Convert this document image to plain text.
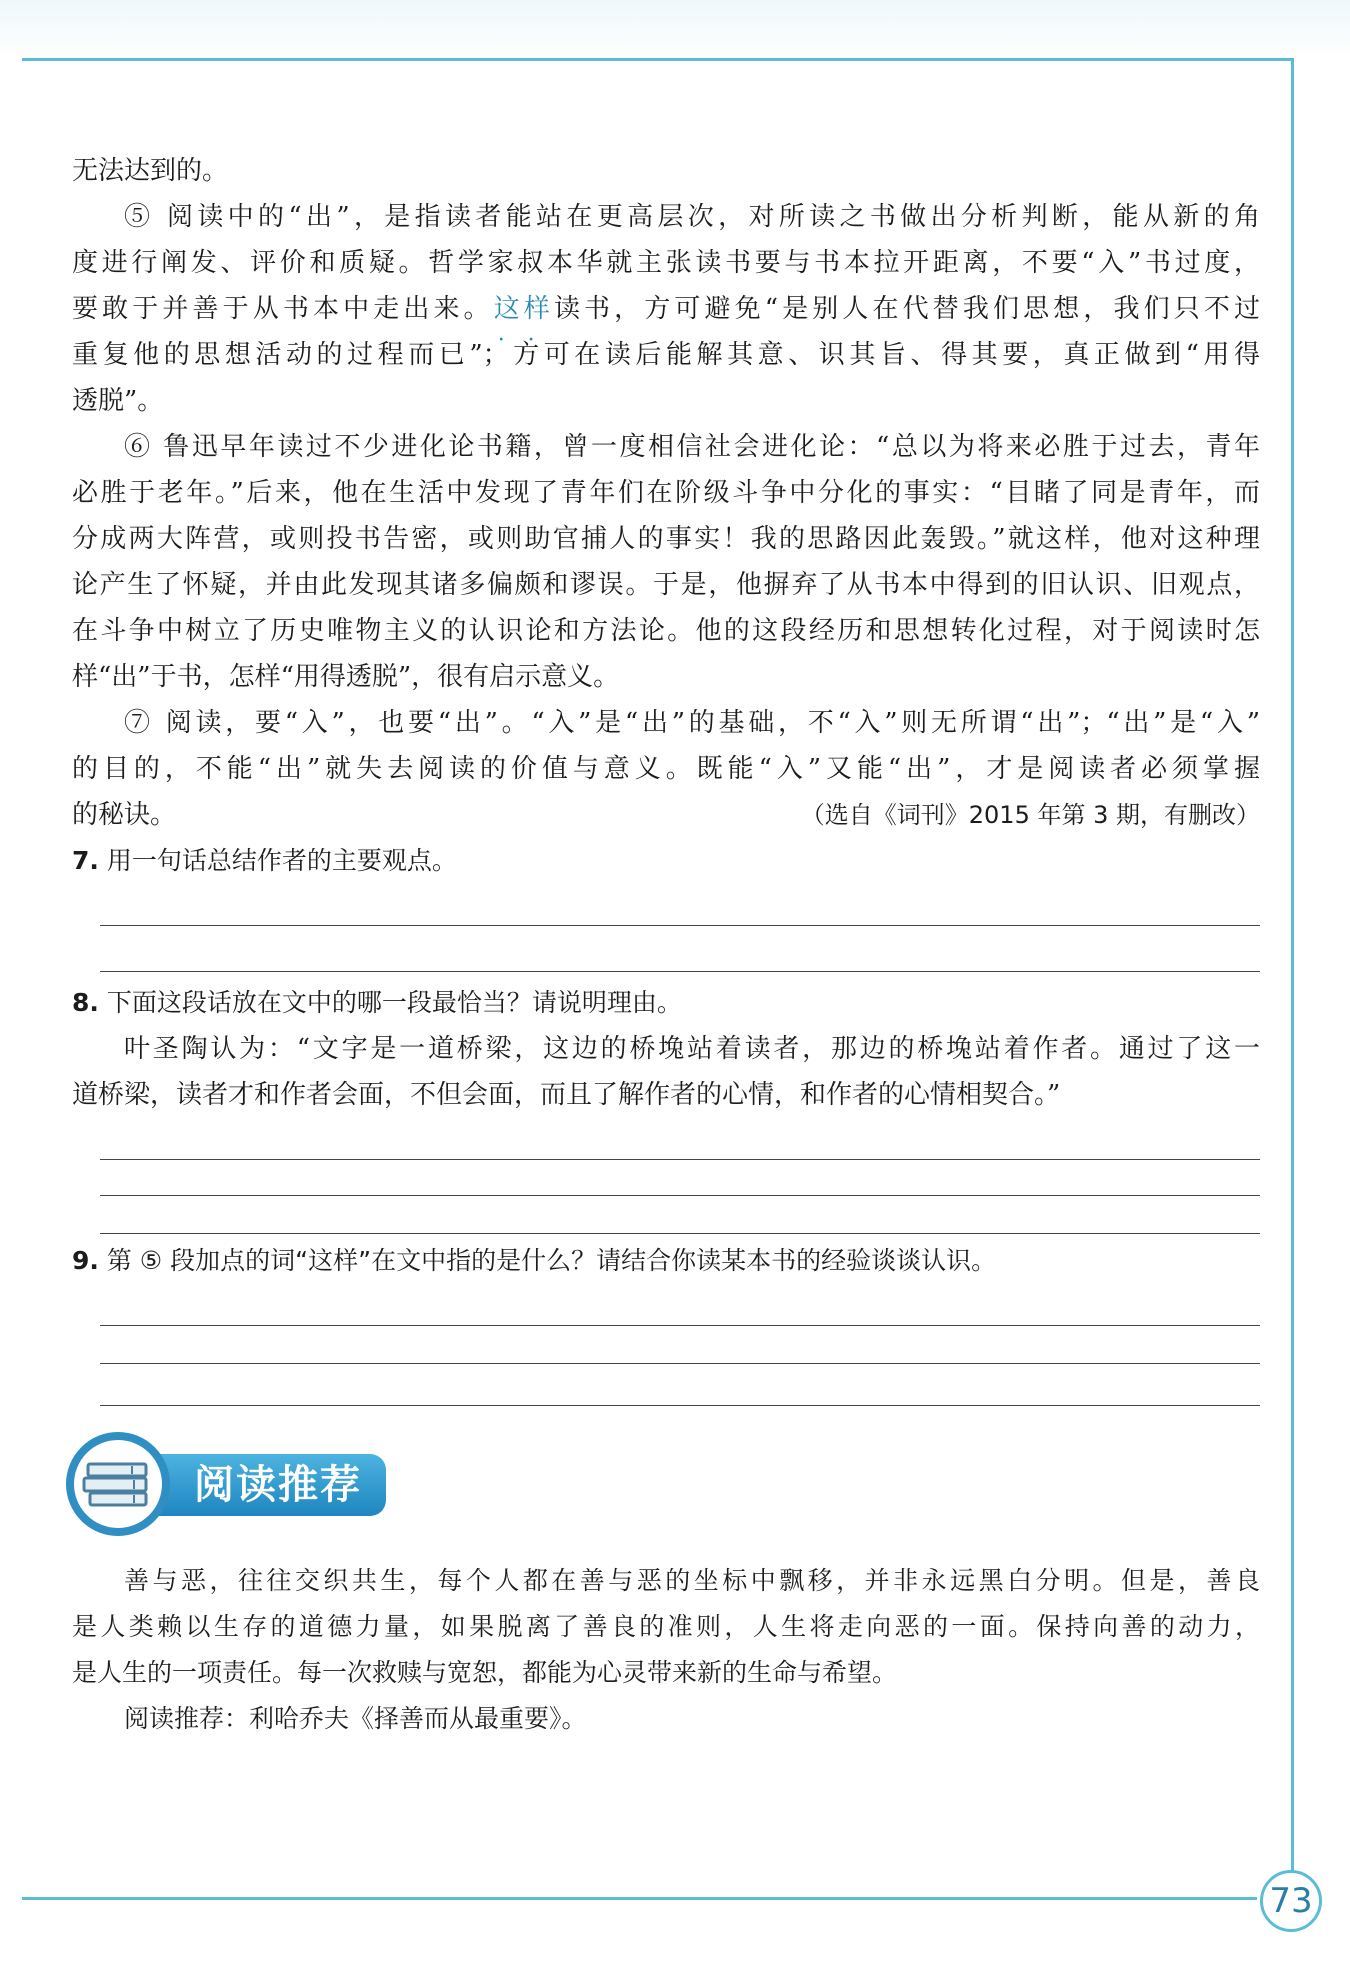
73
无法达到的。
⑤ 阅读中的“出”，是指读者能站在更高层次，对所读之书做出分析判断，能从新的角
度进行阐发、评价和质疑。哲学家叔本华就主张读书要与书本拉开距离，不要“入”书过度，
要敢于并善于从书本中走出来。这样 · ·读书，方可避免“是别人在代替我们思想，我们只不过
重复他的思想活动的过程而已”；方可在读后能解其意、识其旨、得其要，真正做到“用得
透脱”。
⑥ 鲁迅早年读过不少进化论书籍，曾一度相信社会进化论：“总以为将来必胜于过去，青年
必胜于老年。”后来，他在生活中发现了青年们在阶级斗争中分化的事实：“目睹了同是青年，而
分成两大阵营，或则投书告密，或则助官捕人的事实！我的思路因此轰毁。”就这样，他对这种理
论产生了怀疑，并由此发现其诸多偏颇和谬误。于是，他摒弃了从书本中得到的旧认识、旧观点，
在斗争中树立了历史唯物主义的认识论和方法论。他的这段经历和思想转化过程，对于阅读时怎
样“出”于书，怎样“用得透脱”，很有启示意义。
⑦ 阅读，要“入”，也要“出”。“入”是“出”的基础，不“入”则无所谓“出”；“出”是“入”
的目的，不能“出”就失去阅读的价值与意义。既能“入”又能“出”，才是阅读者必须掌握
的秘诀。	（选自《词刊》2015 年第 3 期，有删改）
7. 用一句话总结作者的主要观点。
8. 下面这段话放在文中的哪一段最恰当？请说明理由。
叶圣陶认为：“文字是一道桥梁，这边的桥堍站着读者，那边的桥堍站着作者。通过了这一
道桥梁，读者才和作者会面，不但会面，而且了解作者的心情，和作者的心情相契合。”
9. 第 ⑤ 段加点的词“这样”在文中指的是什么？请结合你读某本书的经验谈谈认识。
阅读推荐
善与恶，往往交织共生，每个人都在善与恶的坐标中飘移，并非永远黑白分明。但是，善良
是人类赖以生存的道德力量，如果脱离了善良的准则，人生将走向恶的一面。保持向善的动力，
是人生的一项责任。每一次救赎与宽恕，都能为心灵带来新的生命与希望。
阅读推荐：利哈乔夫《择善而从最重要》。
